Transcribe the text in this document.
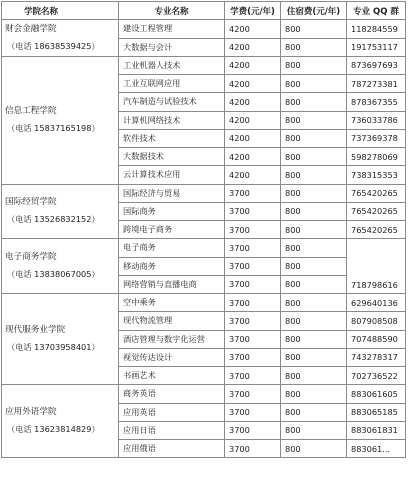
学院名称	专业名称	学费(元/年)	住宿费(元/年)	专业 QQ 群

财会金融学院
（电话 18638539425）	建设工程管理	4200	800	118284559
	大数据与会计	4200	800	191753117

信息工程学院
（电话 15837165198）	工业机器人技术	4200	800	873697693
	工业互联网应用	4200	800	787273381
	汽车制造与试验技术	4200	800	878367355
	计算机网络技术	4200	800	736033786
	软件技术	4200	800	737369378
	大数据技术	4200	800	598278069
	云计算技术应用	4200	800	738315353

国际经贸学院
（电话 13526832152）	国际经济与贸易	3700	800	765420265
	国际商务	3700	800	765420265
	跨境电子商务	3700	800	765420265

电子商务学院
（电话 13838067005）	电子商务	3700	800	718798616
	移动商务	3700	800	
	网络营销与直播电商	3700	800	

现代服务业学院
（电话 13703958401）	空中乘务	3700	800	629640136
	现代物流管理	3700	800	807908508
	酒店管理与数字化运营	3700	800	707488590
	视觉传达设计	3700	800	743278317
	书画艺术	3700	800	702736522

应用外语学院
（电话 13623814829）	商务英语	3700	800	883061605
	应用英语	3700	800	883065185
	应用日语	3700	800	883061831
	应用俄语	3700	800	883061...
